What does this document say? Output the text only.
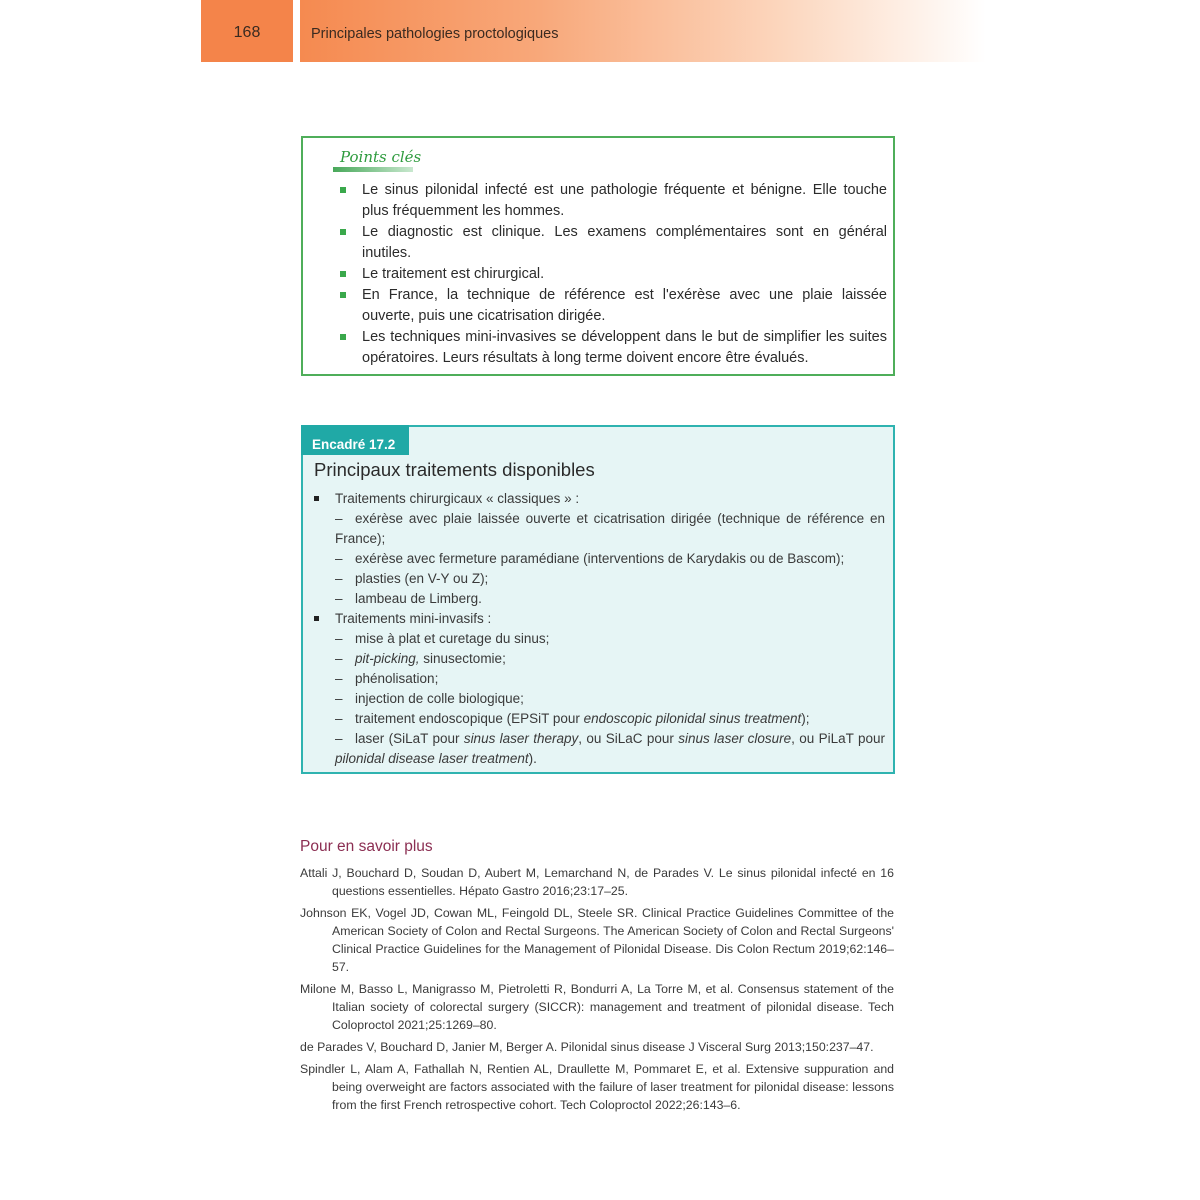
168	Principales pathologies proctologiques
Points clés
Le sinus pilonidal infecté est une pathologie fréquente et bénigne. Elle touche plus fréquemment les hommes.
Le diagnostic est clinique. Les examens complémentaires sont en général inutiles.
Le traitement est chirurgical.
En France, la technique de référence est l'exérèse avec une plaie laissée ouverte, puis une cicatrisation dirigée.
Les techniques mini-invasives se développent dans le but de simplifier les suites opératoires. Leurs résultats à long terme doivent encore être évalués.
Encadré 17.2
Principaux traitements disponibles
Traitements chirurgicaux « classiques » :
– exérèse avec plaie laissée ouverte et cicatrisation dirigée (technique de référence en France);
– exérèse avec fermeture paramédiane (interventions de Karydakis ou de Bascom);
– plasties (en V-Y ou Z);
– lambeau de Limberg.
Traitements mini-invasifs :
– mise à plat et curetage du sinus;
– pit-picking, sinusectomie;
– phénolisation;
– injection de colle biologique;
– traitement endoscopique (EPSiT pour endoscopic pilonidal sinus treatment);
– laser (SiLaT pour sinus laser therapy, ou SiLaC pour sinus laser closure, ou PiLaT pour pilonidal disease laser treatment).
Pour en savoir plus
Attali J, Bouchard D, Soudan D, Aubert M, Lemarchand N, de Parades V. Le sinus pilonidal infecté en 16 questions essentielles. Hépato Gastro 2016;23:17–25.
Johnson EK, Vogel JD, Cowan ML, Feingold DL, Steele SR. Clinical Practice Guidelines Committee of the American Society of Colon and Rectal Surgeons. The American Society of Colon and Rectal Surgeons' Clinical Practice Guidelines for the Management of Pilonidal Disease. Dis Colon Rectum 2019;62:146–57.
Milone M, Basso L, Manigrasso M, Pietroletti R, Bondurri A, La Torre M, et al. Consensus statement of the Italian society of colorectal surgery (SICCR): management and treatment of pilonidal disease. Tech Coloproctol 2021;25:1269–80.
de Parades V, Bouchard D, Janier M, Berger A. Pilonidal sinus disease J Visceral Surg 2013;150:237–47.
Spindler L, Alam A, Fathallah N, Rentien AL, Draullette M, Pommaret E, et al. Extensive suppuration and being overweight are factors associated with the failure of laser treatment for pilonidal disease: lessons from the first French retrospective cohort. Tech Coloproctol 2022;26:143–6.
